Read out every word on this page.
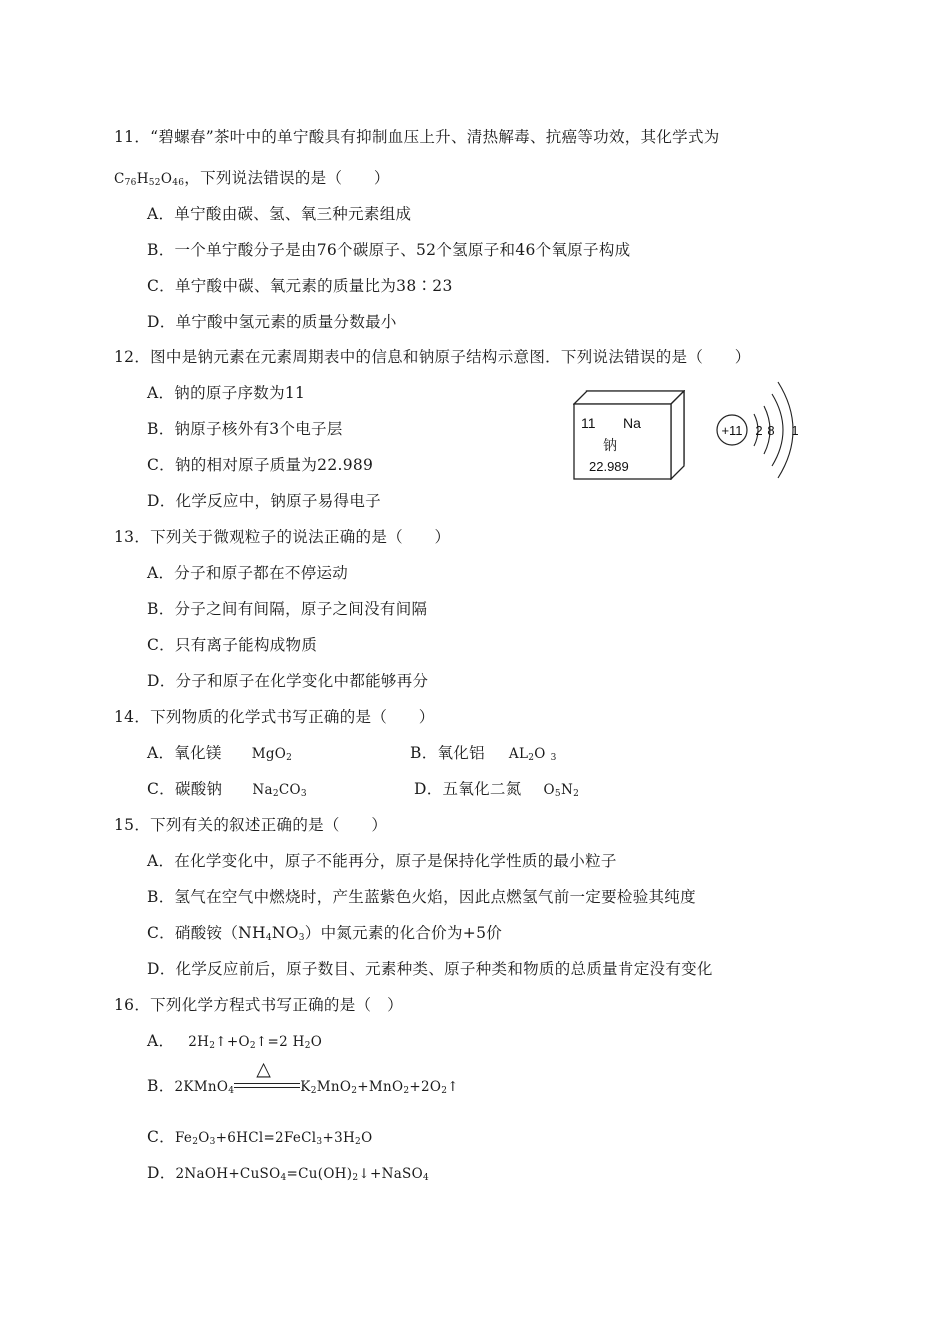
11．“碧螺春”茶叶中的单宁酸具有抑制血压上升、清热解毒、抗癌等功效，其化学式为
$C_{76}H_{52}O_{46}$，下列说法错误的是（　　）
A．单宁酸由碳、氢、氧三种元素组成
B．一个单宁酸分子是由76个碳原子、52个氢原子和46个氧原子构成
C．单宁酸中碳、氧元素的质量比为38∶23
D．单宁酸中氢元素的质量分数最小
12．图中是钠元素在元素周期表中的信息和钠原子结构示意图．下列说法错误的是（　　）
A．钠的原子序数为11
B．钠原子核外有3个电子层
C．钠的相对原子质量为22.989
D．化学反应中，钠原子易得电子
11 Na
钠
22.989
+11 2 8 1
13．下列关于微观粒子的说法正确的是（　　）
A．分子和原子都在不停运动
B．分子之间有间隔，原子之间没有间隔
C．只有离子能构成物质
D．分子和原子在化学变化中都能够再分
14．下列物质的化学式书写正确的是（　　）
A．氧化镁 MgO$_2$	B．氧化铝 $AL_2O$ $_3$
C．碳酸钠 $Na_2CO_3$	D．五氧化二氮 $O_5N_2$
15．下列有关的叙述正确的是（　　）
A．在化学变化中，原子不能再分，原子是保持化学性质的最小粒子
B．氢气在空气中燃烧时，产生蓝紫色火焰，因此点燃氢气前一定要检验其纯度
C．硝酸铵$(NH_4NO_3)$中氮元素的化合价为+5价
D．化学反应前后，原子数目、元素种类、原子种类和物质的总质量肯定没有变化
16．下列化学方程式书写正确的是（　）
A． $2H_2↑+O_2↑=2$ $H_2O$
B．2KMnO$_4$
△
$K_2MnO_2+MnO_2+2O_2↑$
C．$Fe_2O_3+6HCl=2FeCl_3+3H_2O$
D．$2NaOH+CuSO_4=Cu(OH)_2↓+NaSO_4$
